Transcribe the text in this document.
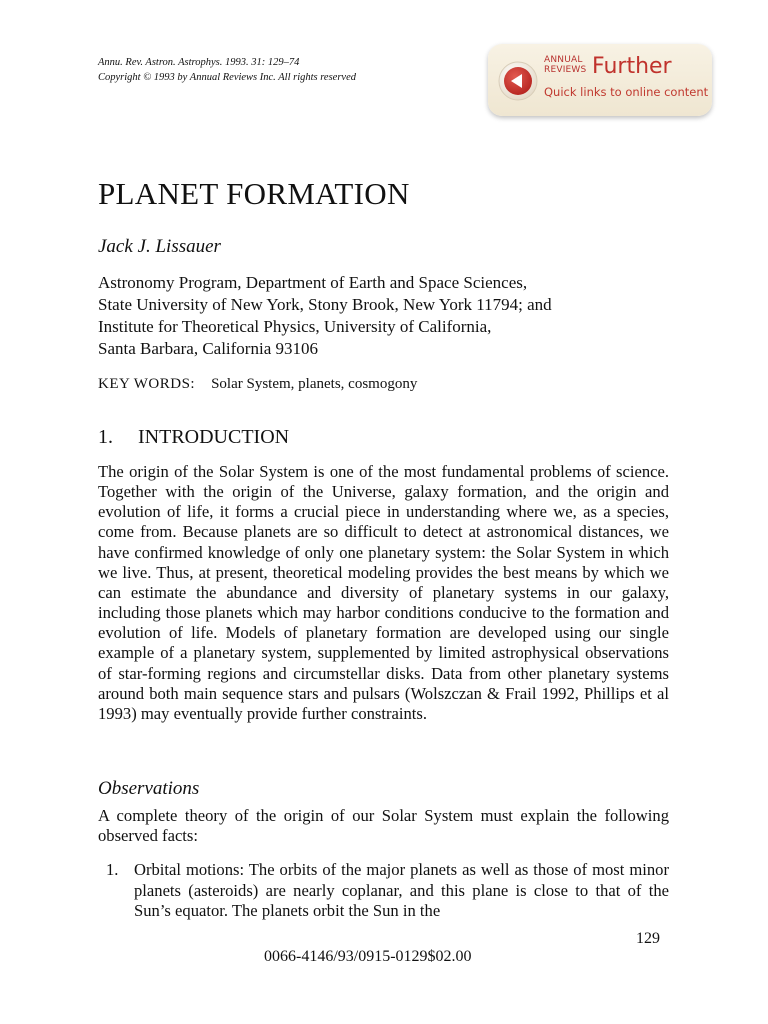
Annu. Rev. Astron. Astrophys. 1993. 31: 129–74
Copyright © 1993 by Annual Reviews Inc. All rights reserved
ANNUAL
REVIEWS Further
Quick links to online content
PLANET FORMATION
Jack J. Lissauer
Astronomy Program, Department of Earth and Space Sciences,
State University of New York, Stony Brook, New York 11794; and
Institute for Theoretical Physics, University of California,
Santa Barbara, California 93106
KEY WORDS: Solar System, planets, cosmogony
1. INTRODUCTION

The origin of the Solar System is one of the most fundamental problems of science. Together with the origin of the Universe, galaxy formation, and the origin and evolution of life, it forms a crucial piece in understanding where we, as a species, come from. Because planets are so difficult to detect at astronomical distances, we have confirmed knowledge of only one planetary system: the Solar System in which we live. Thus, at present, theoretical modeling provides the best means by which we can estimate the abundance and diversity of planetary systems in our galaxy, including those planets which may harbor conditions conducive to the formation and evolution of life. Models of planetary formation are developed using our single example of a planetary system, supplemented by limited astrophysical observations of star-forming regions and circumstellar disks. Data from other planetary systems around both main sequence stars and pulsars (Wolszczan & Frail 1992, Phillips et al 1993) may eventually provide further constraints.

Observations
A complete theory of the origin of our Solar System must explain the following observed facts:
1. Orbital motions: The orbits of the major planets as well as those of most minor planets (asteroids) are nearly coplanar, and this plane is close to that of the Sun’s equator. The planets orbit the Sun in the
129
0066-4146/93/0915-0129$02.00
